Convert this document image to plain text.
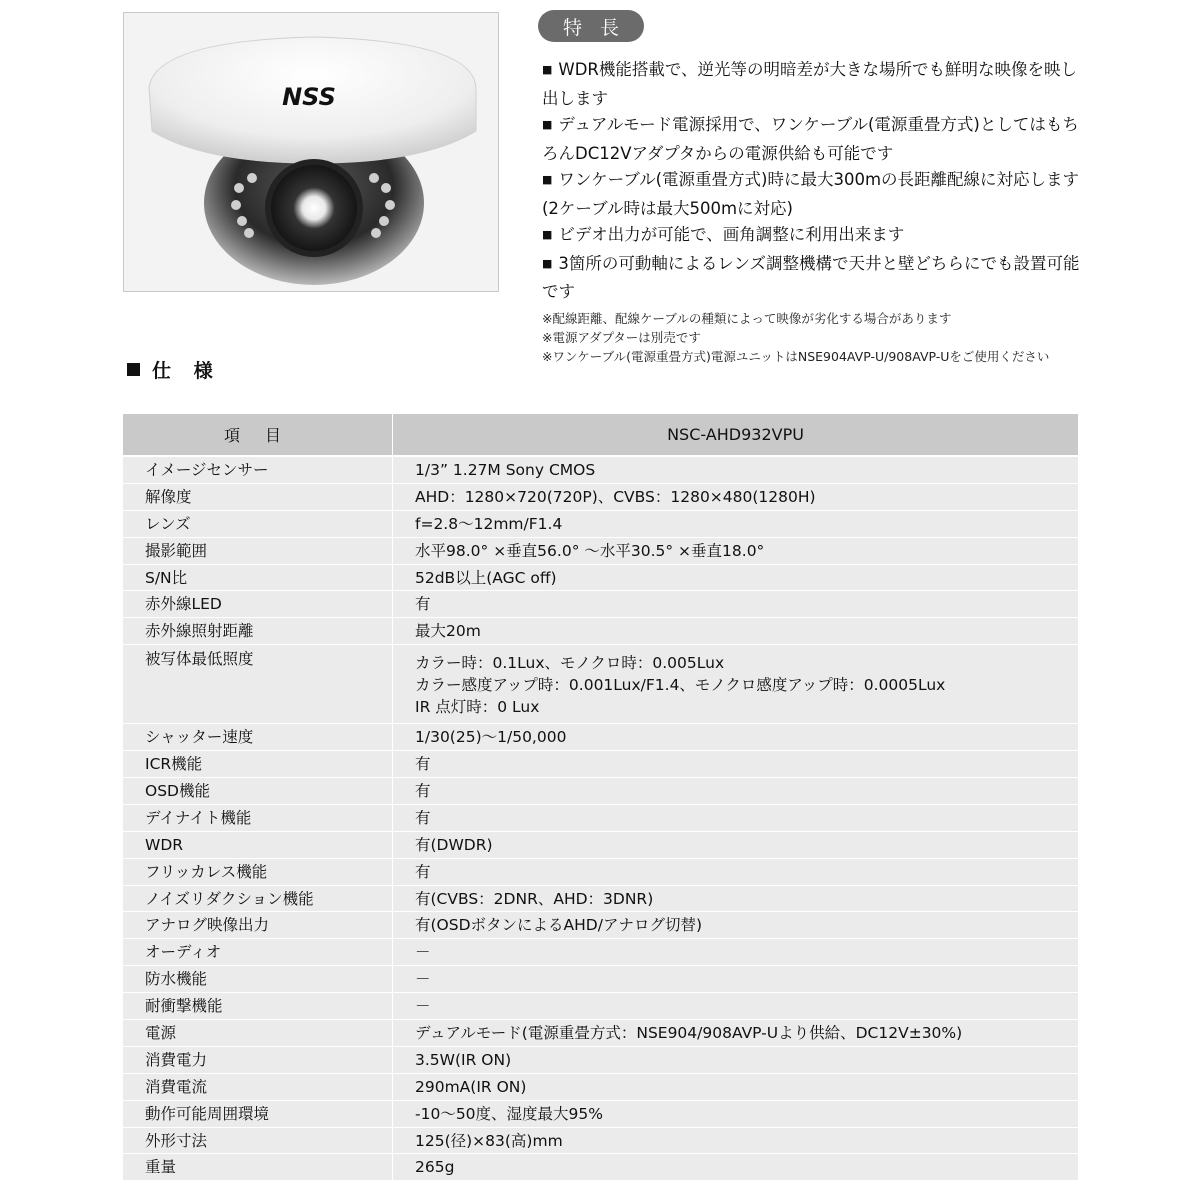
NSS
特 長
■ WDR機能搭載で、逆光等の明暗差が大きな場所でも鮮明な映像を映し出します
■ デュアルモード電源採用で、ワンケーブル(電源重畳方式)としてはもちろんDC12Vアダプタからの電源供給も可能です
■ ワンケーブル(電源重畳方式)時に最大300mの長距離配線に対応します(2ケーブル時は最大500mに対応)
■ ビデオ出力が可能で、画角調整に利用出来ます
■ 3箇所の可動軸によるレンズ調整機構で天井と壁どちらにでも設置可能です
※配線距離、配線ケーブルの種類によって映像が劣化する場合があります
※電源アダプターは別売です
※ワンケーブル(電源重畳方式)電源ユニットはNSE904AVP-U/908AVP-Uをご使用ください
仕 様
項 目	NSC-AHD932VPU
イメージセンサー	1/3” 1.27M Sony CMOS
解像度	AHD：1280×720(720P)、CVBS：1280×480(1280H)
レンズ	f=2.8～12mm/F1.4
撮影範囲	水平98.0° ×垂直56.0° ～水平30.5° ×垂直18.0°
S/N比	52dB以上(AGC off)
赤外線LED	有
赤外線照射距離	最大20m
被写体最低照度	カラー時：0.1Lux、モノクロ時：0.005Lux
カラー感度アップ時：0.001Lux/F1.4、モノクロ感度アップ時：0.0005Lux
IR 点灯時：0 Lux

シャッター速度	1/30(25)～1/50,000
ICR機能	有
OSD機能	有
デイナイト機能	有
WDR	有(DWDR)
フリッカレス機能	有
ノイズリダクション機能	有(CVBS：2DNR、AHD：3DNR)
アナログ映像出力	有(OSDボタンによるAHD/アナログ切替)
オーディオ	－
防水機能	－
耐衝撃機能	－
電源	デュアルモード(電源重畳方式：NSE904/908AVP-Uより供給、DC12V±30%)
消費電力	3.5W(IR ON)
消費電流	290mA(IR ON)
動作可能周囲環境	-10～50度、湿度最大95%
外形寸法	125(径)×83(高)mm
重量	265g
